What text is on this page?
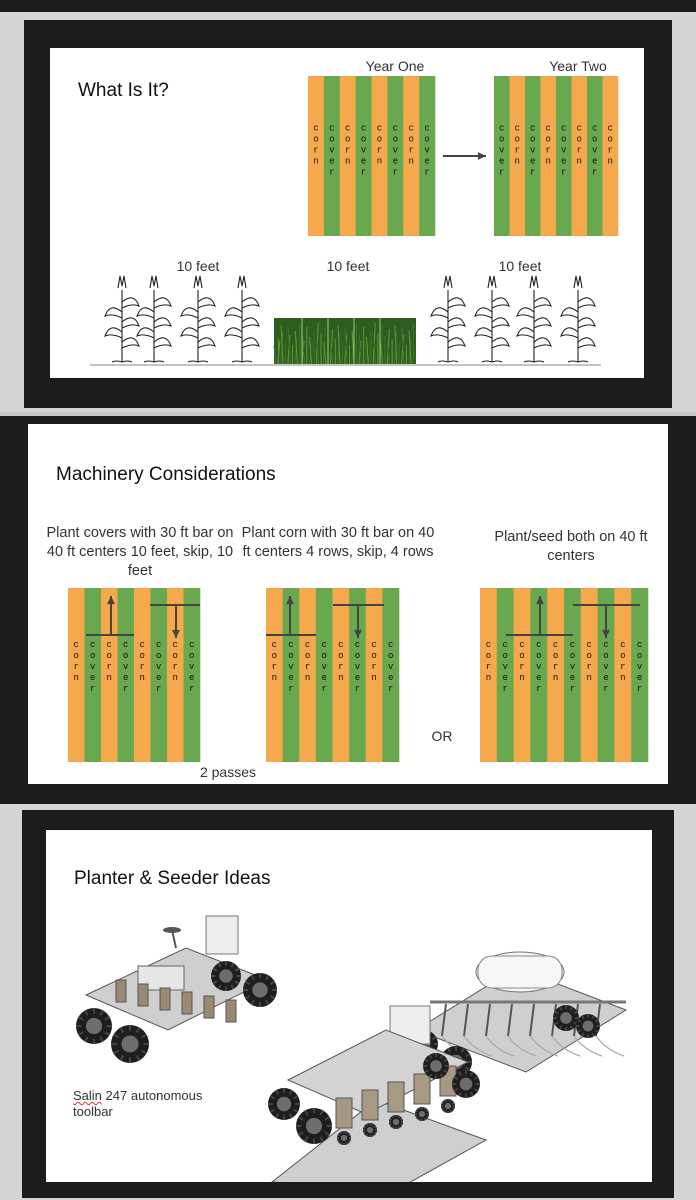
What Is It?
Year One	Year Two
c
o
r
n
c
o
v
e
r
c
o
r
n
c
o
v
e
r
c
o
r
n
c
o
v
e
r
c
o
r
n
c
o
v
e
r
c
o
v
e
r
c
o
r
n
c
o
v
e
r
c
o
r
n
c
o
v
e
r
c
o
r
n
c
o
v
e
r
c
o
r
n
10 feet	10 feet	10 feet
Machinery Considerations
Plant covers with 30 ft bar on 40 ft centers 10 feet, skip, 10 feet
Plant corn with 30 ft bar on 40 ft centers 4 rows, skip, 4 rows
Plant/seed both on 40 ft centers
c
o
r
n
c
o
v
e
r
c
o
r
n
c
o
v
e
r
c
o
r
n
c
o
v
e
r
c
o
r
n
c
o
v
e
r
c
o
r
n
c
o
v
e
r
c
o
r
n
c
o
v
e
r
c
o
r
n
c
o
v
e
r
c
o
r
n
c
o
v
e
r
c
o
r
n
c
o
v
e
r
c
o
r
n
c
o
v
e
r
c
o
r
n
c
o
v
e
r
c
o
r
n
c
o
v
e
r
c
o
r
n
c
o
v
e
r
OR
2 passes
Planter & Seeder Ideas
Salin 247 autonomous toolbar
